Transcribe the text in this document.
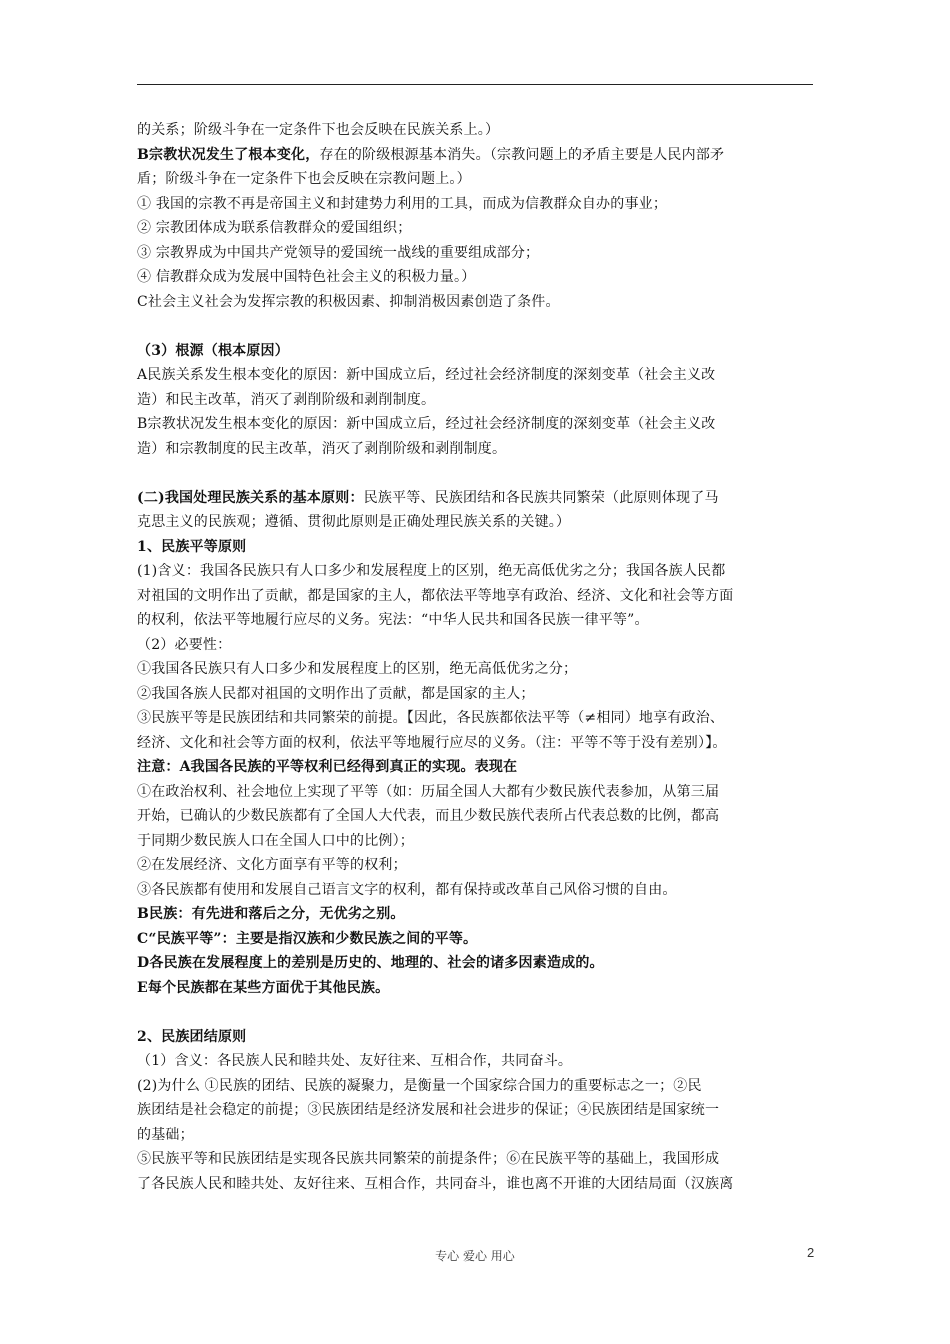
的关系；阶级斗争在一定条件下也会反映在民族关系上。）
B宗教状况发生了根本变化，存在的阶级根源基本消失。（宗教问题上的矛盾主要是人民内部矛
盾；阶级斗争在一定条件下也会反映在宗教问题上。）
① 我国的宗教不再是帝国主义和封建势力利用的工具，而成为信教群众自办的事业；
② 宗教团体成为联系信教群众的爱国组织；
③ 宗教界成为中国共产党领导的爱国统一战线的重要组成部分；
④ 信教群众成为发展中国特色社会主义的积极力量。）
C社会主义社会为发挥宗教的积极因素、抑制消极因素创造了条件。
（3）根源（根本原因）
A民族关系发生根本变化的原因：新中国成立后，经过社会经济制度的深刻变革（社会主义改
造）和民主改革，消灭了剥削阶级和剥削制度。
B宗教状况发生根本变化的原因：新中国成立后，经过社会经济制度的深刻变革（社会主义改
造）和宗教制度的民主改革，消灭了剥削阶级和剥削制度。
(二)我国处理民族关系的基本原则：民族平等、民族团结和各民族共同繁荣（此原则体现了马
克思主义的民族观；遵循、贯彻此原则是正确处理民族关系的关键。）
1、民族平等原则
(1)含义：我国各民族只有人口多少和发展程度上的区别，绝无高低优劣之分；我国各族人民都
对祖国的文明作出了贡献，都是国家的主人，都依法平等地享有政治、经济、文化和社会等方面
的权利，依法平等地履行应尽的义务。宪法：“中华人民共和国各民族一律平等”。
（2）必要性：
①我国各民族只有人口多少和发展程度上的区别，绝无高低优劣之分；
②我国各族人民都对祖国的文明作出了贡献，都是国家的主人；
③民族平等是民族团结和共同繁荣的前提。【因此，各民族都依法平等（≠相同）地享有政治、
经济、文化和社会等方面的权利，依法平等地履行应尽的义务。（注：平等不等于没有差别）】。
注意：A我国各民族的平等权利已经得到真正的实现。表现在
①在政治权利、社会地位上实现了平等（如：历届全国人大都有少数民族代表参加，从第三届
开始，已确认的少数民族都有了全国人大代表，而且少数民族代表所占代表总数的比例，都高
于同期少数民族人口在全国人口中的比例）；
②在发展经济、文化方面享有平等的权利；
③各民族都有使用和发展自己语言文字的权利，都有保持或改革自己风俗习惯的自由。
B民族：有先进和落后之分，无优劣之别。
C“民族平等”：主要是指汉族和少数民族之间的平等。
D各民族在发展程度上的差别是历史的、地理的、社会的诸多因素造成的。
E每个民族都在某些方面优于其他民族。
2、民族团结原则
（1）含义：各民族人民和睦共处、友好往来、互相合作，共同奋斗。
(2)为什么 ①民族的团结、民族的凝聚力，是衡量一个国家综合国力的重要标志之一；②民
族团结是社会稳定的前提；③民族团结是经济发展和社会进步的保证；④民族团结是国家统一
的基础；
⑤民族平等和民族团结是实现各民族共同繁荣的前提条件；⑥在民族平等的基础上，我国形成
了各民族人民和睦共处、友好往来、互相合作，共同奋斗，谁也离不开谁的大团结局面（汉族离
专心 爱心 用心	2
